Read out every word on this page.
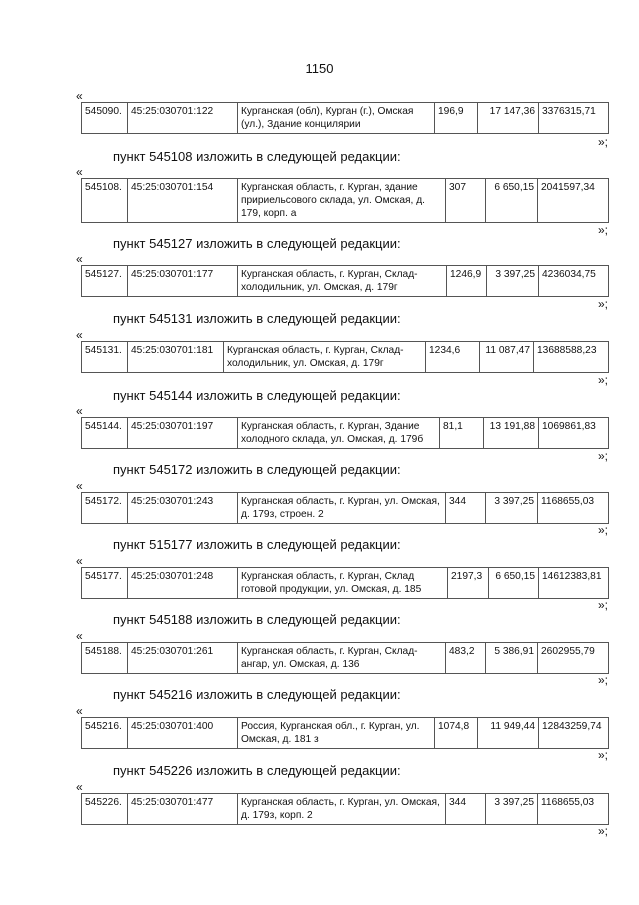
1150
«
545090.	45:25:030701:122	Курганская (обл), Курган (г.), Омская (ул.), Здание концилярии	196,9	17 147,36	3376315,71
»;
пункт 545108 изложить в следующей редакции:
«
545108.	45:25:030701:154	Курганская область, г. Курган, здание пририельсового склада, ул. Омская, д. 179, корп. а	307	6 650,15	2041597,34
»;
пункт 545127 изложить в следующей редакции:
«
545127.	45:25:030701:177	Курганская область, г. Курган, Склад-холодильник, ул. Омская, д. 179г	1246,9	3 397,25	4236034,75
»;
пункт 545131 изложить в следующей редакции:
«
545131.	45:25:030701:181	Курганская область, г. Курган, Склад-холодильник, ул. Омская, д. 179г	1234,6	11 087,47	13688588,23
»;
пункт 545144 изложить в следующей редакции:
«
545144.	45:25:030701:197	Курганская область, г. Курган, Здание холодного склада, ул. Омская, д. 179б	81,1	13 191,88	1069861,83
»;
пункт 545172 изложить в следующей редакции:
«
545172.	45:25:030701:243	Курганская область, г. Курган, ул. Омская, д. 179з, строен. 2	344	3 397,25	1168655,03
»;
пункт 515177 изложить в следующей редакции:
«
545177.	45:25:030701:248	Курганская область, г. Курган, Склад готовой продукции, ул. Омская, д. 185	2197,3	6 650,15	14612383,81
»;
пункт 545188 изложить в следующей редакции:
«
545188.	45:25:030701:261	Курганская область, г. Курган, Склад-ангар, ул. Омская, д. 136	483,2	5 386,91	2602955,79
»;
пункт 545216 изложить в следующей редакции:
«
545216.	45:25:030701:400	Россия, Курганская обл., г. Курган, ул. Омская, д. 181 з	1074,8	11 949,44	12843259,74
»;
пункт 545226 изложить в следующей редакции:
«
545226.	45:25:030701:477	Курганская область, г. Курган, ул. Омская, д. 179з, корп. 2	344	3 397,25	1168655,03
»;
